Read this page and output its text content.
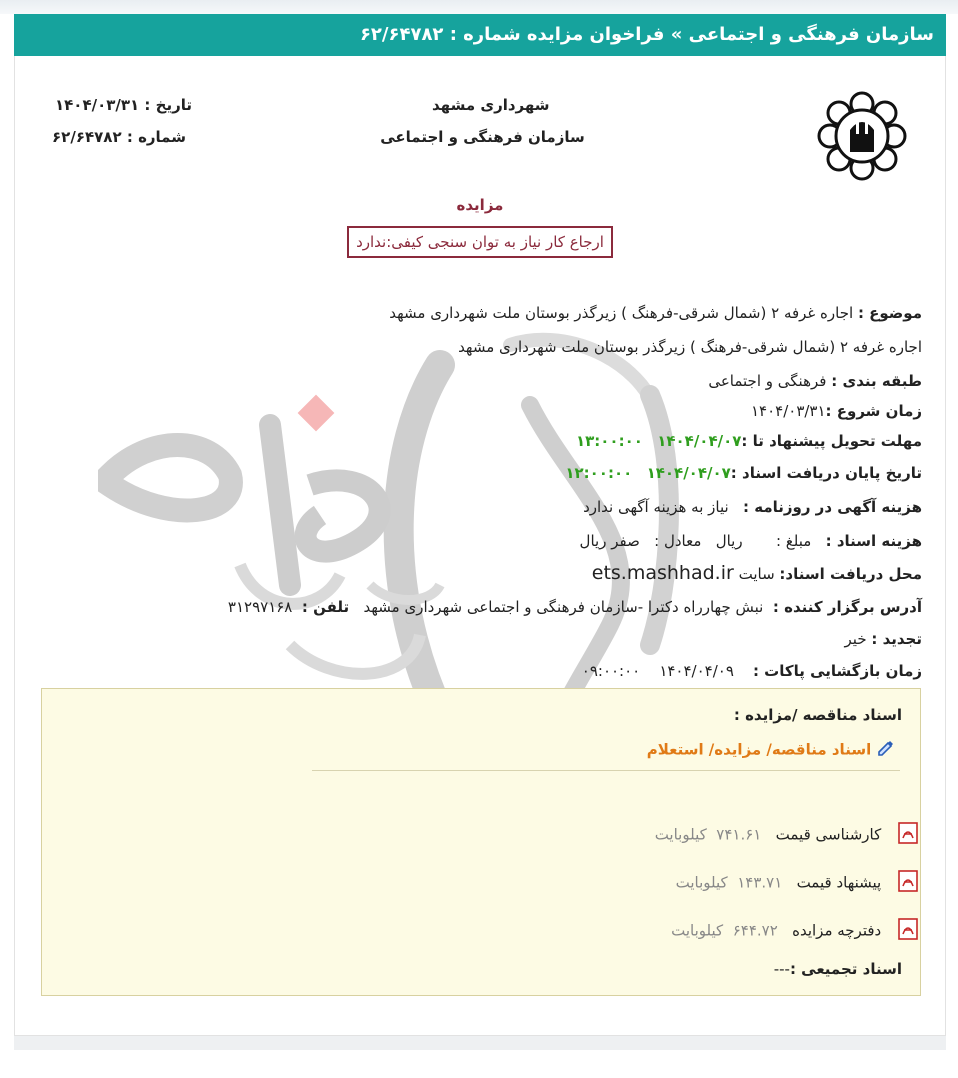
سازمان فرهنگی و اجتماعی » فراخوان مزایده شماره : ۶۲/۶۴۷۸۲
شهرداری مشهد
سازمان فرهنگی و اجتماعی
تاریخ : ۱۴۰۴/۰۳/۳۱
شماره : ۶۲/۶۴۷۸۲
مزایده
ارجاع کار نیاز به توان سنجی کیفی:ندارد
موضوع : اجاره غرفه ۲ (شمال شرقی-فرهنگ ) زیرگذر بوستان ملت شهرداری مشهد
اجاره غرفه ۲ (شمال شرقی-فرهنگ ) زیرگذر بوستان ملت شهرداری مشهد
طبقه بندی : فرهنگی و اجتماعی
زمان شروع :۱۴۰۴/۰۳/۳۱
مهلت تحویل پیشنهاد تا :۱۴۰۴/۰۴/۰۷   ۱۳:۰۰:۰۰
تاریخ پایان دریافت اسناد :۱۴۰۴/۰۴/۰۷   ۱۲:۰۰:۰۰
هزینه آگهی در روزنامه :   نیاز به هزینه آگهی ندارد
هزینه اسناد :   مبلغ :       ریال   معادل :   صفر ریال
محل دریافت اسناد: سایت ets.mashhad.ir
آدرس برگزار کننده :  نبش چهارراه دکترا -سازمان فرهنگی و اجتماعی شهرداری مشهد   تلفن :  ۳۱۲۹۷۱۶۸
تجدید : خیر
زمان بازگشایی پاکات :    ۱۴۰۴/۰۴/۰۹    ۰۹:۰۰:۰۰
اسناد مناقصه /مزایده :
اسناد مناقصه/ مزایده/ استعلام
کارشناسی قیمت   ۷۴۱.۶۱  کیلوبایت
پیشنهاد قیمت   ۱۴۳.۷۱  کیلوبایت
دفترچه مزایده   ۶۴۴.۷۲  کیلوبایت
اسناد تجمیعی :---
